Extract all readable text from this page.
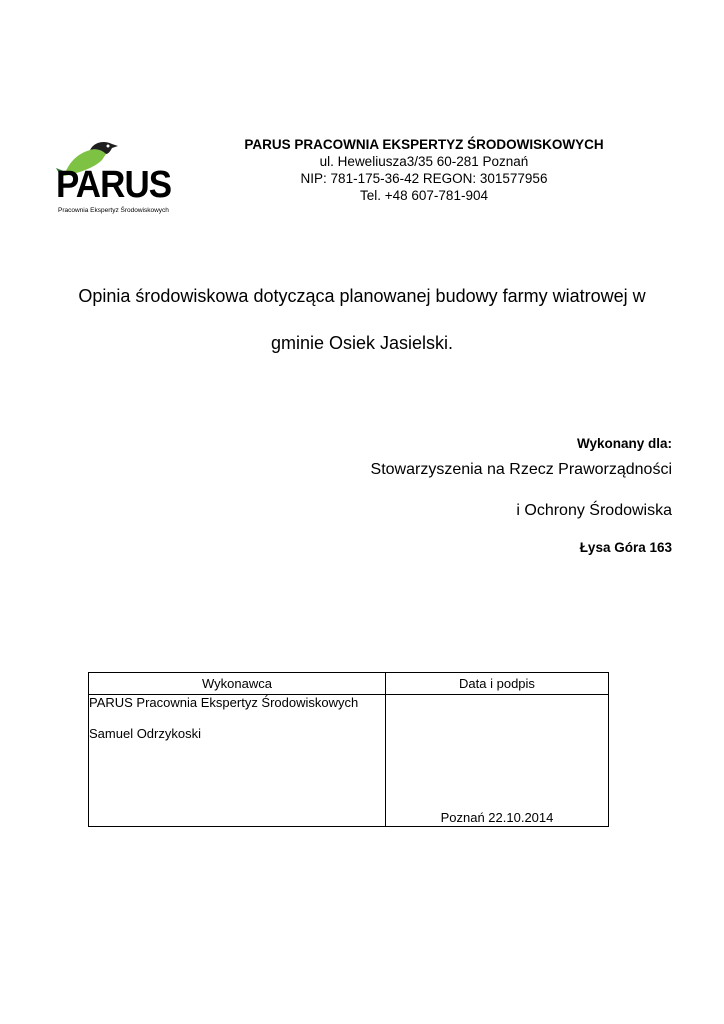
PARUS
Pracownia Ekspertyz Środowiskowych
PARUS PRACOWNIA EKSPERTYZ ŚRODOWISKOWYCH
ul. Heweliusza3/35 60-281 Poznań
NIP: 781-175-36-42 REGON: 301577956
Tel. +48 607-781-904
Opinia środowiskowa dotycząca planowanej budowy farmy wiatrowej w
gminie Osiek Jasielski.
Wykonany dla:
Stowarzyszenia na Rzecz Praworządności
i Ochrony Środowiska
Łysa Góra 163
Wykonawca	Data i podpis

PARUS Pracownia Ekspertyz Środowiskowych
Samuel Odrzykoski	Poznań 22.10.2014
